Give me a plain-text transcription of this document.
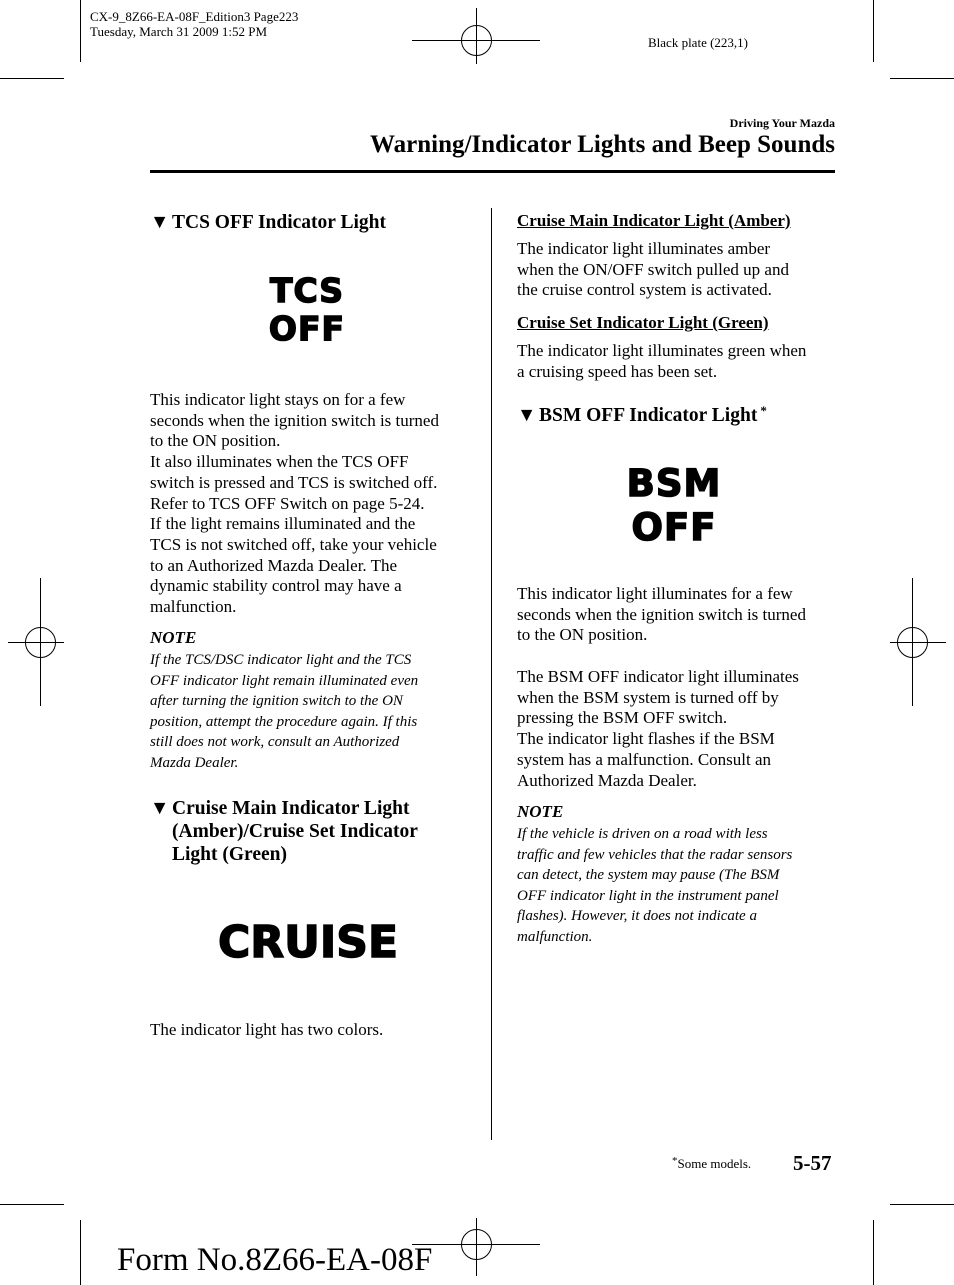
CX-9_8Z66-EA-08F_Edition3 Page223
Tuesday, March 31 2009 1:52 PM
Black plate (223,1)
Driving Your Mazda
Warning/Indicator Lights and Beep Sounds
▼ TCS OFF Indicator Light
TCS
OFF
This indicator light stays on for a few
seconds when the ignition switch is turned
to the ON position.
It also illuminates when the TCS OFF
switch is pressed and TCS is switched off.
Refer to TCS OFF Switch on page 5-24.
If the light remains illuminated and the
TCS is not switched off, take your vehicle
to an Authorized Mazda Dealer. The
dynamic stability control may have a
malfunction.
NOTE
If the TCS/DSC indicator light and the TCS
OFF indicator light remain illuminated even
after turning the ignition switch to the ON
position, attempt the procedure again. If this
still does not work, consult an Authorized
Mazda Dealer.
▼ Cruise Main Indicator Light (Amber)/Cruise Set Indicator Light (Green)
CRUISE
The indicator light has two colors.
Cruise Main Indicator Light (Amber)
The indicator light illuminates amber
when the ON/OFF switch pulled up and
the cruise control system is activated.
Cruise Set Indicator Light (Green)
The indicator light illuminates green when
a cruising speed has been set.
▼ BSM OFF Indicator Light *
BSM
OFF
This indicator light illuminates for a few
seconds when the ignition switch is turned
to the ON position.
The BSM OFF indicator light illuminates
when the BSM system is turned off by
pressing the BSM OFF switch.
The indicator light flashes if the BSM
system has a malfunction. Consult an
Authorized Mazda Dealer.
NOTE
If the vehicle is driven on a road with less
traffic and few vehicles that the radar sensors
can detect, the system may pause (The BSM
OFF indicator light in the instrument panel
flashes). However, it does not indicate a
malfunction.
*Some models. 5-57
Form No.8Z66-EA-08F
